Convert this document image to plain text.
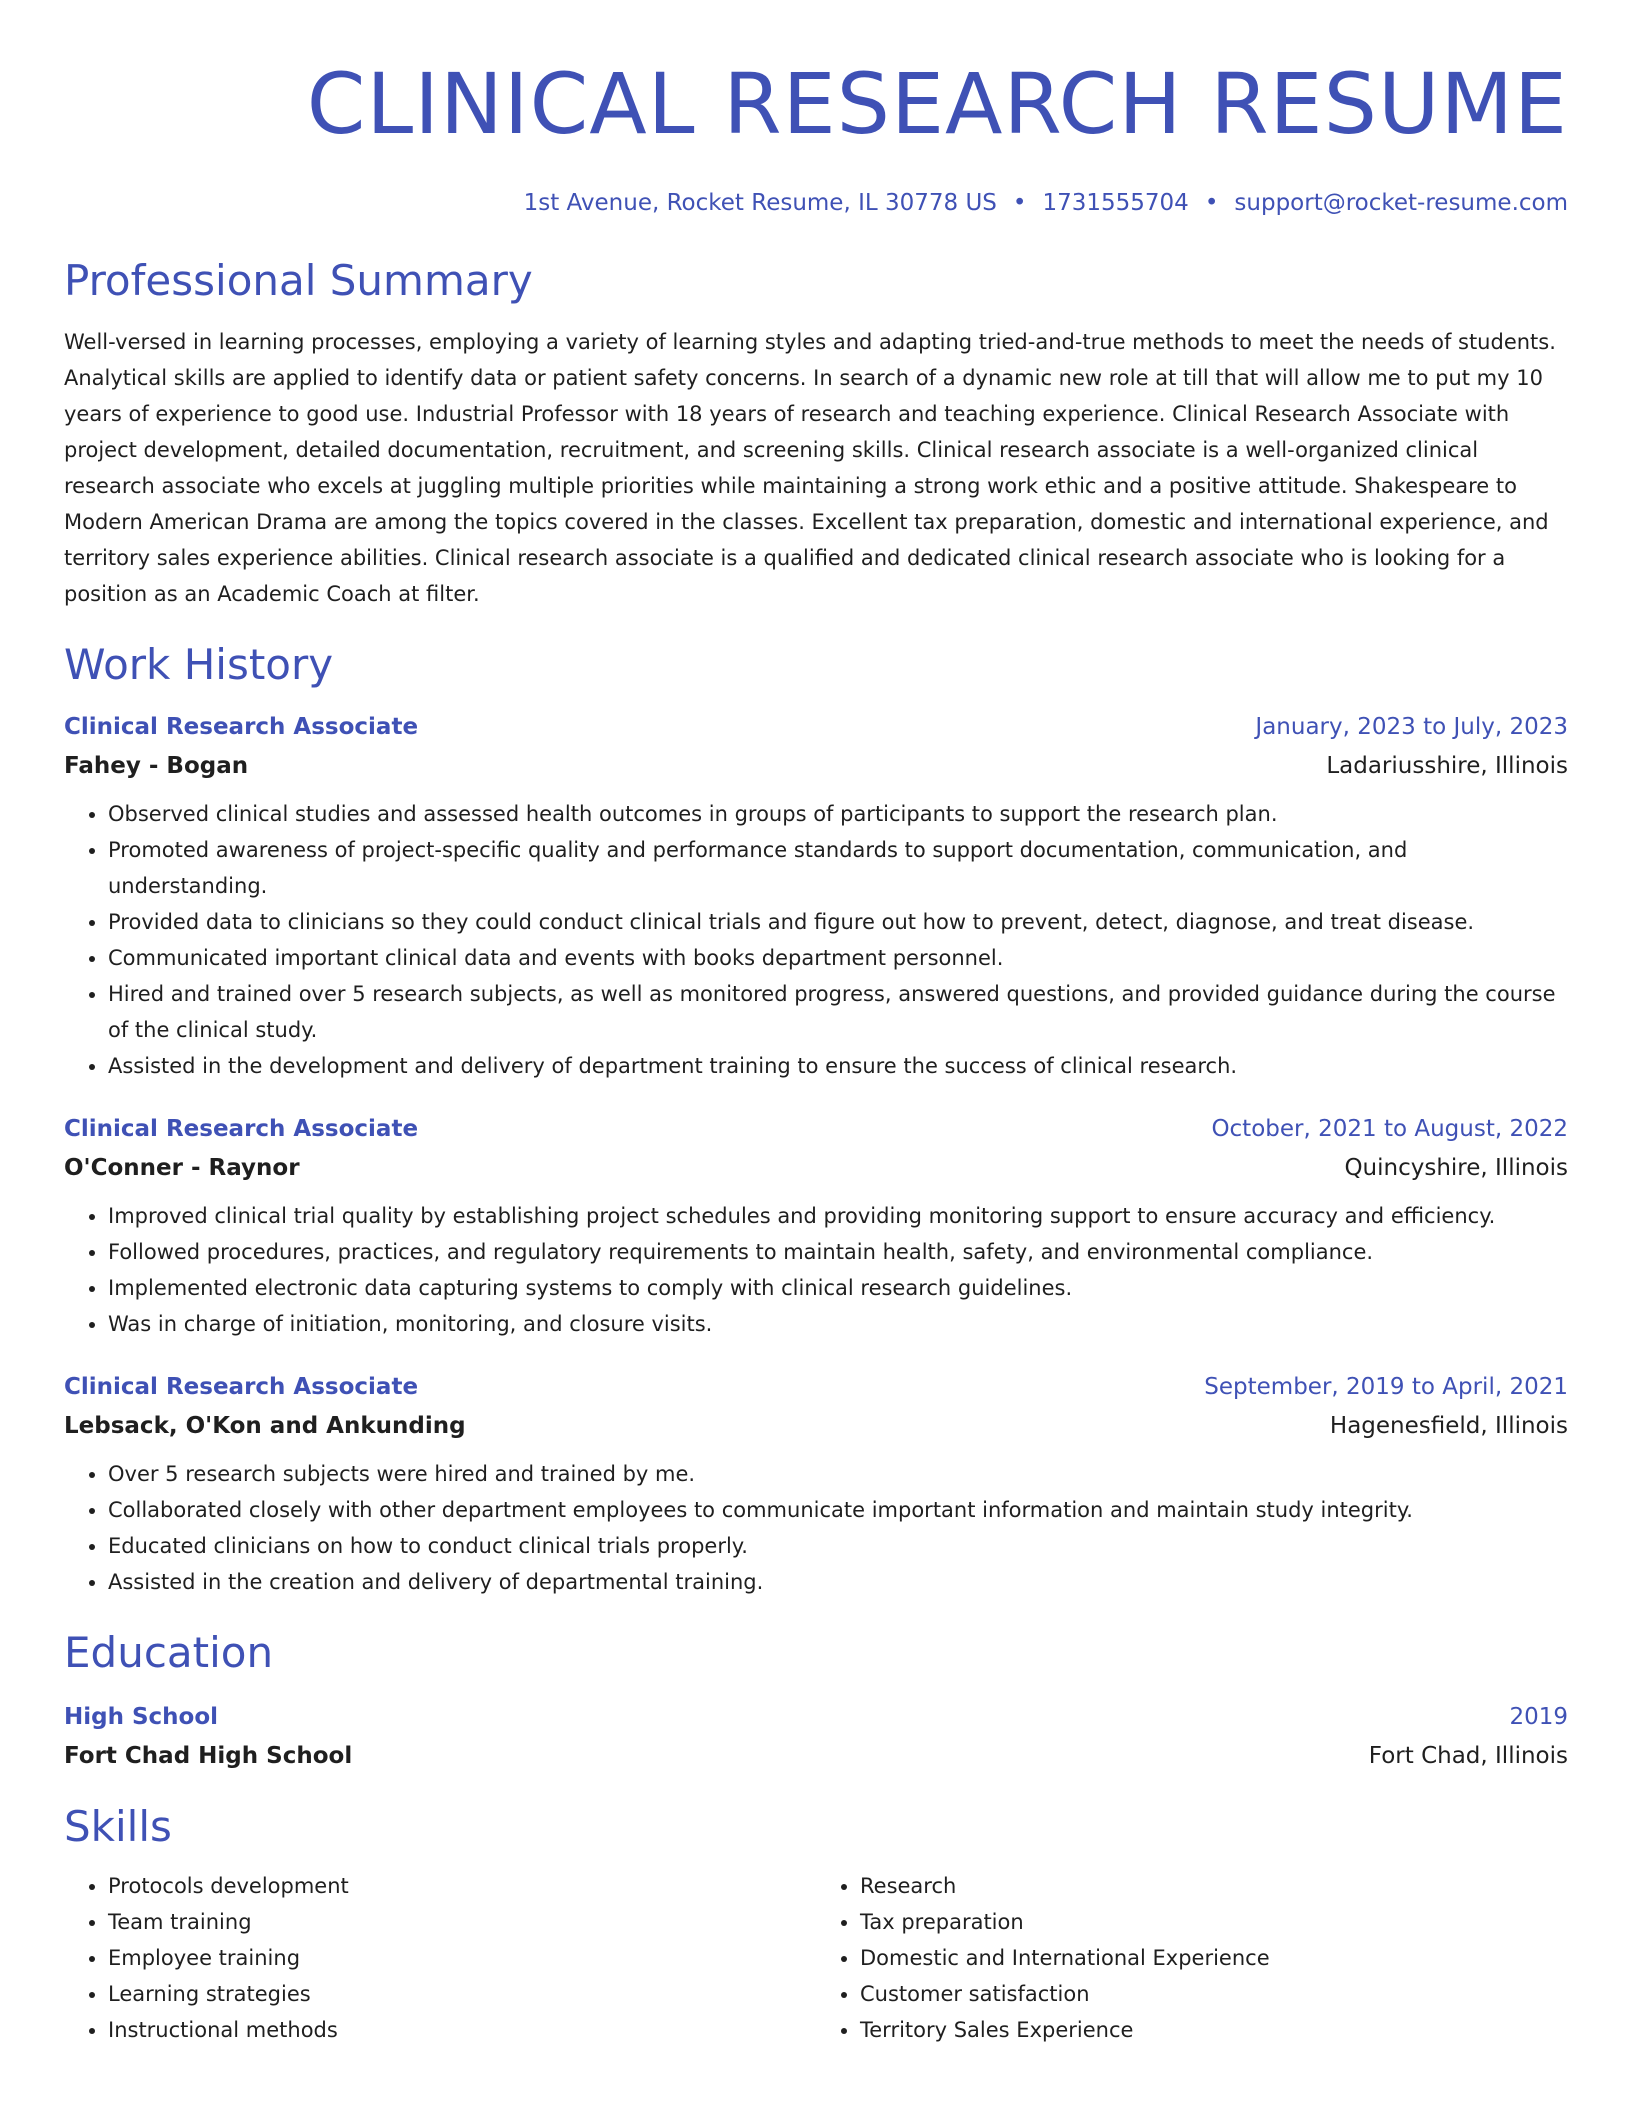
CLINICAL RESEARCH RESUME
1st Avenue, Rocket Resume, IL 30778 US • 1731555704 • support@rocket-resume.com
Professional Summary
Well-versed in learning processes, employing a variety of learning styles and adapting tried-and-true methods to meet the needs of students. Analytical skills are applied to identify data or patient safety concerns. In search of a dynamic new role at till that will allow me to put my 10 years of experience to good use. Industrial Professor with 18 years of research and teaching experience. Clinical Research Associate with project development, detailed documentation, recruitment, and screening skills. Clinical research associate is a well-organized clinical research associate who excels at juggling multiple priorities while maintaining a strong work ethic and a positive attitude. Shakespeare to Modern American Drama are among the topics covered in the classes. Excellent tax preparation, domestic and international experience, and territory sales experience abilities. Clinical research associate is a qualified and dedicated clinical research associate who is looking for a position as an Academic Coach at filter.
Work History
Clinical Research Associate	January, 2023 to July, 2023
Fahey - Bogan	Ladariusshire, Illinois
• Observed clinical studies and assessed health outcomes in groups of participants to support the research plan.
• Promoted awareness of project-specific quality and performance standards to support documentation, communication, and understanding.
• Provided data to clinicians so they could conduct clinical trials and figure out how to prevent, detect, diagnose, and treat disease.
• Communicated important clinical data and events with books department personnel.
• Hired and trained over 5 research subjects, as well as monitored progress, answered questions, and provided guidance during the course of the clinical study.
• Assisted in the development and delivery of department training to ensure the success of clinical research.
Clinical Research Associate	October, 2021 to August, 2022
O'Conner - Raynor	Quincyshire, Illinois
• Improved clinical trial quality by establishing project schedules and providing monitoring support to ensure accuracy and efficiency.
• Followed procedures, practices, and regulatory requirements to maintain health, safety, and environmental compliance.
• Implemented electronic data capturing systems to comply with clinical research guidelines.
• Was in charge of initiation, monitoring, and closure visits.
Clinical Research Associate	September, 2019 to April, 2021
Lebsack, O'Kon and Ankunding	Hagenesfield, Illinois
• Over 5 research subjects were hired and trained by me.
• Collaborated closely with other department employees to communicate important information and maintain study integrity.
• Educated clinicians on how to conduct clinical trials properly.
• Assisted in the creation and delivery of departmental training.
Education
High School	2019
Fort Chad High School	Fort Chad, Illinois
Skills
• Protocols development
• Team training
• Employee training
• Learning strategies
• Instructional methods
• Research
• Tax preparation
• Domestic and International Experience
• Customer satisfaction
• Territory Sales Experience
